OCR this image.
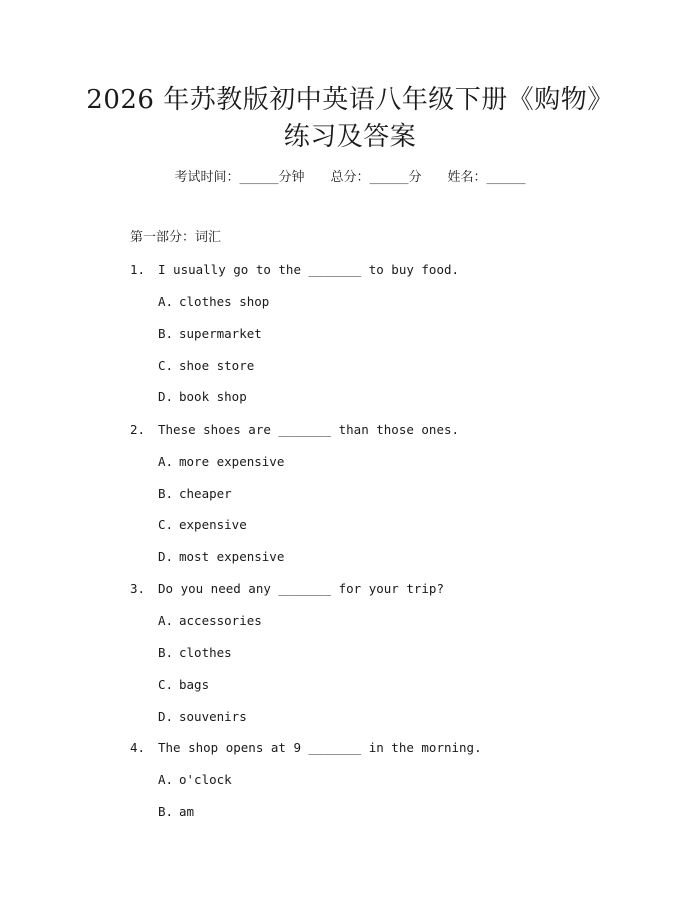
2026 年苏教版初中英语八年级下册《购物》
练习及答案
考试时间：______分钟 总分：______分 姓名：______
第一部分：词汇
1. I usually go to the _______ to buy food.
A. clothes shop
B. supermarket
C. shoe store
D. book shop
2. These shoes are _______ than those ones.
A. more expensive
B. cheaper
C. expensive
D. most expensive
3. Do you need any _______ for your trip?
A. accessories
B. clothes
C. bags
D. souvenirs
4. The shop opens at 9 _______ in the morning.
A. o'clock
B. am
